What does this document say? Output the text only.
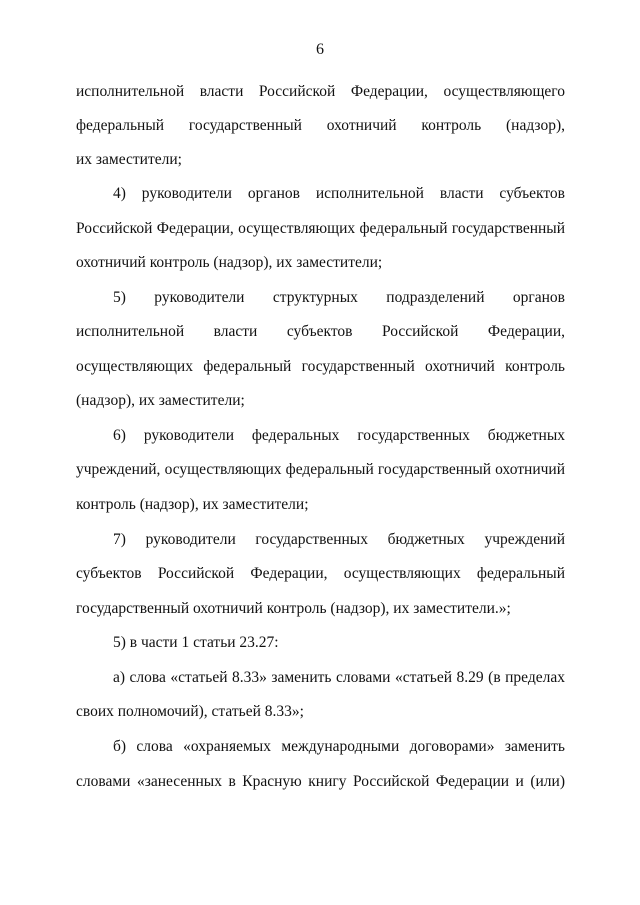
6
исполнительной власти Российской Федерации, осуществляющего
федеральный государственный охотничий контроль (надзор),
их заместители;
4) руководители органов исполнительной власти субъектов
Российской Федерации, осуществляющих федеральный государственный
охотничий контроль (надзор), их заместители;
5) руководители структурных подразделений органов
исполнительной власти субъектов Российской Федерации,
осуществляющих федеральный государственный охотничий контроль
(надзор), их заместители;
6) руководители федеральных государственных бюджетных
учреждений, осуществляющих федеральный государственный охотничий
контроль (надзор), их заместители;
7) руководители государственных бюджетных учреждений
субъектов Российской Федерации, осуществляющих федеральный
государственный охотничий контроль (надзор), их заместители.»;
5) в части 1 статьи 23.27:
а) слова «статьей 8.33» заменить словами «статьей 8.29 (в пределах
своих полномочий), статьей 8.33»;
б) слова «охраняемых международными договорами» заменить
словами «занесенных в Красную книгу Российской Федерации и (или)
